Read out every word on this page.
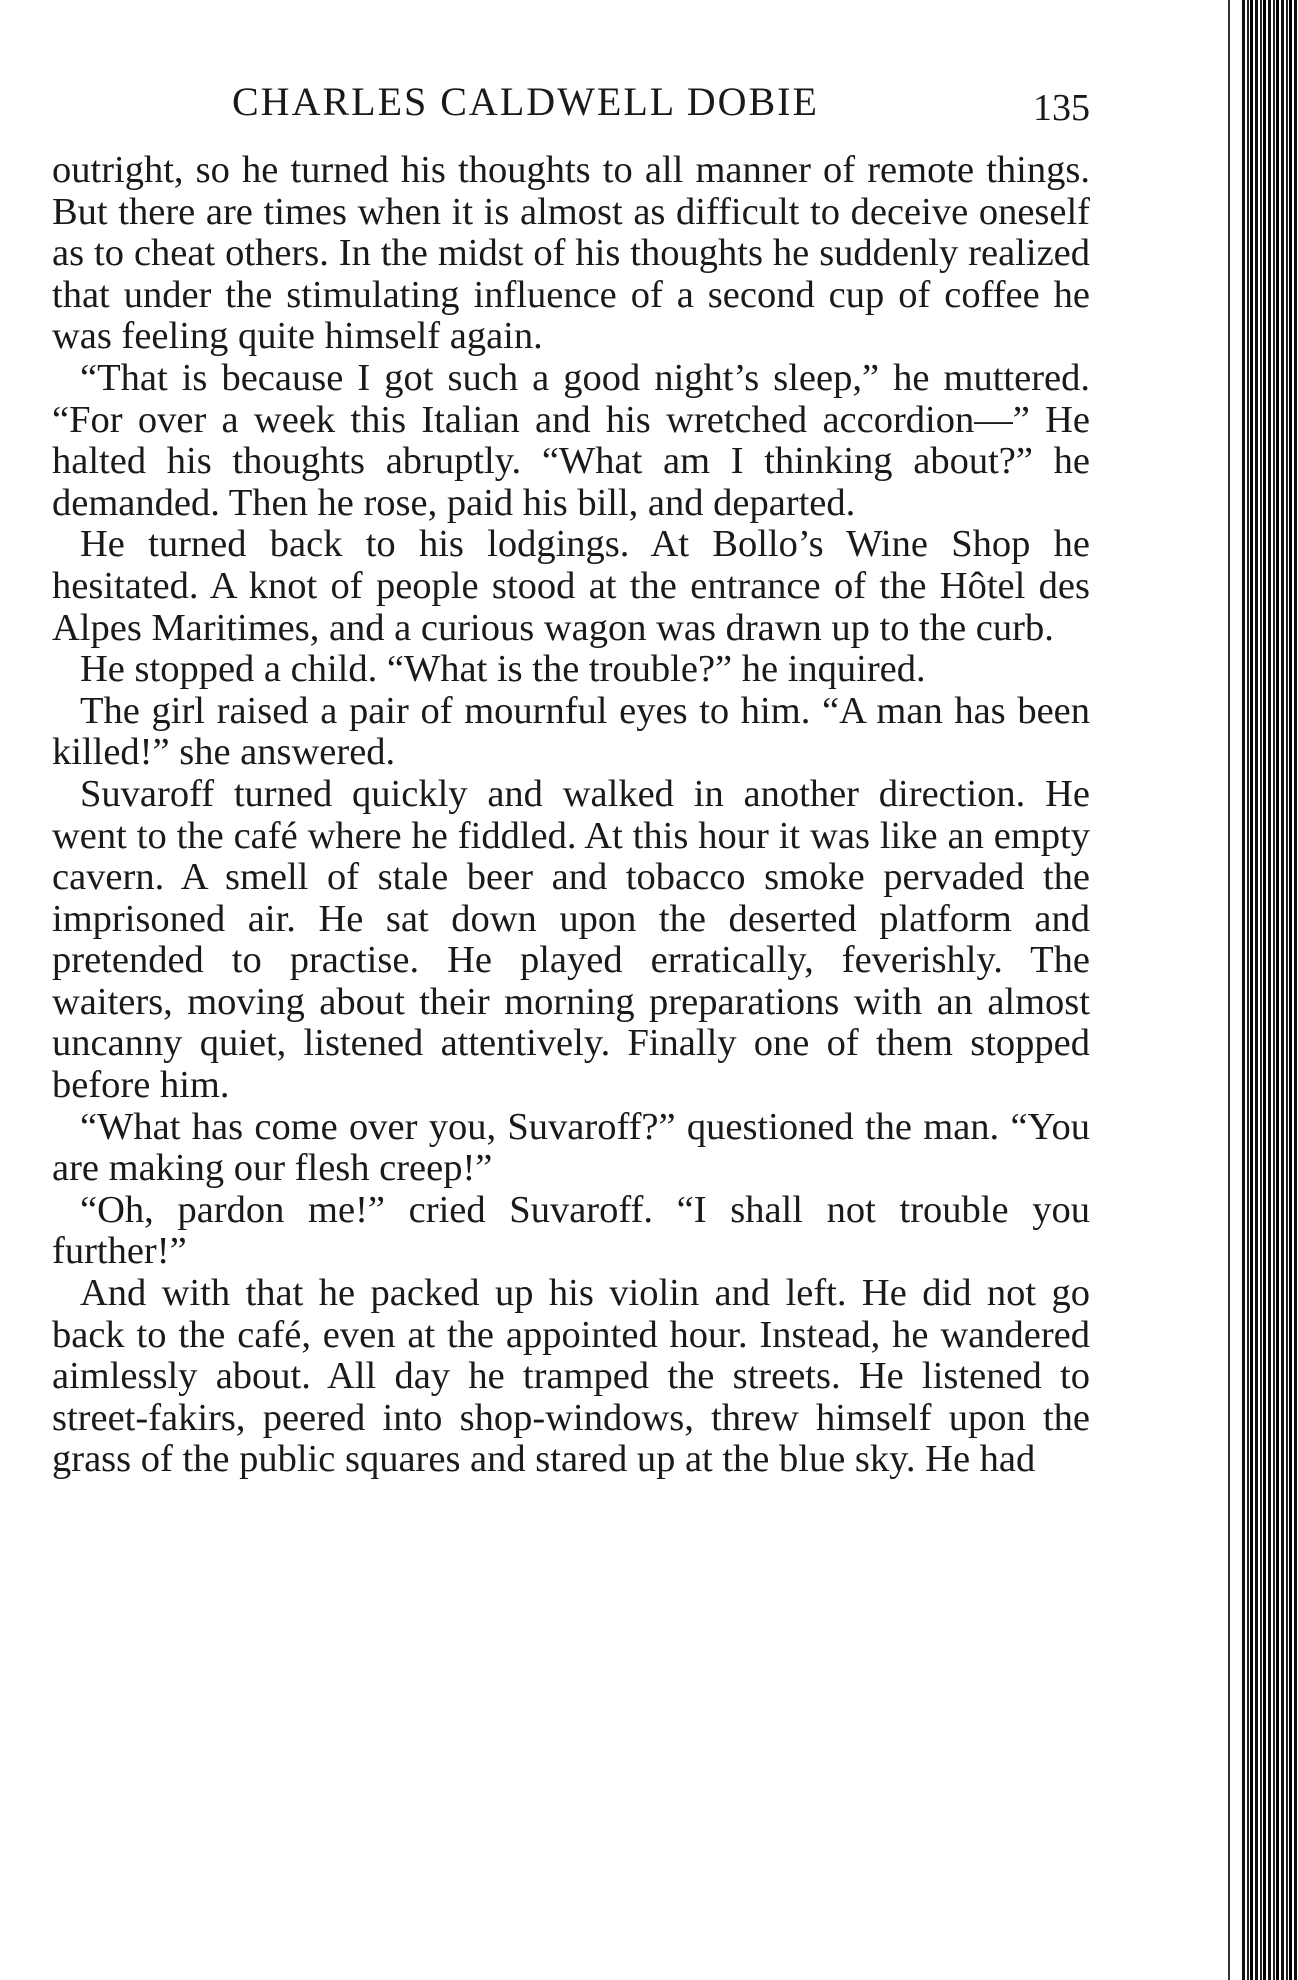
CHARLES CALDWELL DOBIE	135

outright, so he turned his thoughts to all manner of remote things. But there are times when it is almost as difficult to deceive oneself as to cheat others. In the midst of his thoughts he suddenly realized that under the stimulating influence of a second cup of coffee he was feeling quite himself again.

“That is because I got such a good night’s sleep,” he muttered. “For over a week this Italian and his wretched accordion—” He halted his thoughts abruptly. “What am I thinking about?” he demanded. Then he rose, paid his bill, and departed.

He turned back to his lodgings. At Bollo’s Wine Shop he hesitated. A knot of people stood at the entrance of the Hôtel des Alpes Maritimes, and a curious wagon was drawn up to the curb.

He stopped a child. “What is the trouble?” he inquired.

The girl raised a pair of mournful eyes to him. “A man has been killed!” she answered.

Suvaroff turned quickly and walked in another direction. He went to the café where he fiddled. At this hour it was like an empty cavern. A smell of stale beer and tobacco smoke pervaded the imprisoned air. He sat down upon the deserted platform and pretended to practise. He played erratically, feverishly. The waiters, moving about their morning preparations with an almost uncanny quiet, listened attentively. Finally one of them stopped before him.

“What has come over you, Suvaroff?” questioned the man. “You are making our flesh creep!”

“Oh, pardon me!” cried Suvaroff. “I shall not trouble you further!”

And with that he packed up his violin and left. He did not go back to the café, even at the appointed hour. Instead, he wandered aimlessly about. All day he tramped the streets. He listened to street-fakirs, peered into shop-windows, threw himself upon the grass of the public squares and stared up at the blue sky. He had
